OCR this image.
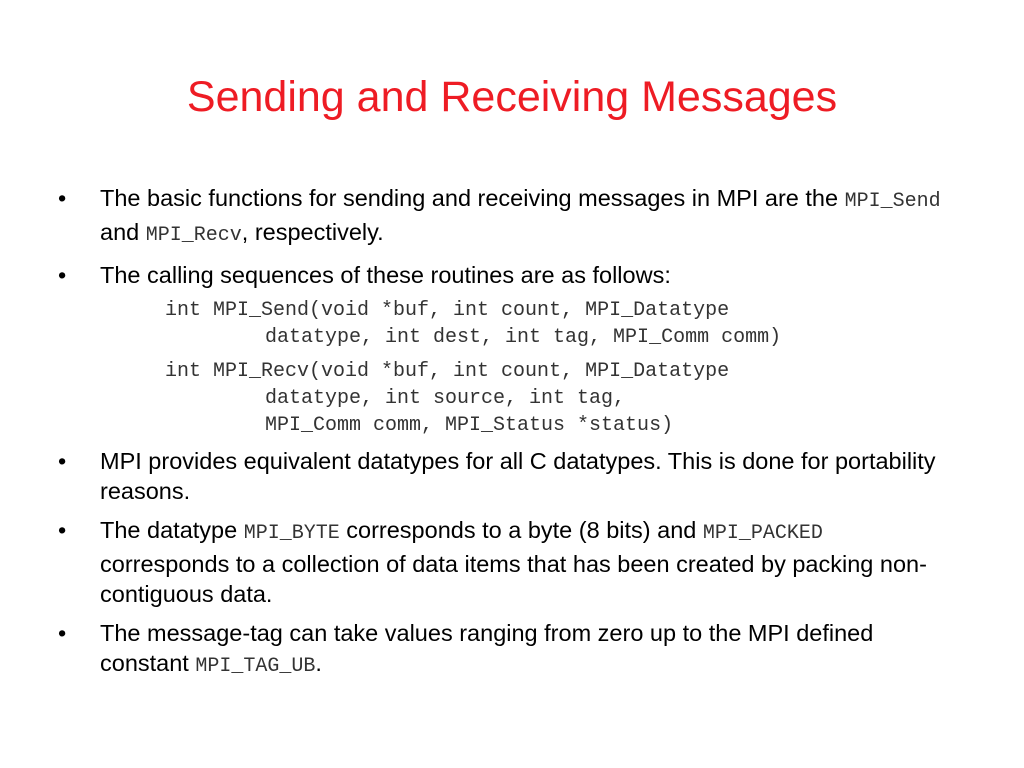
Sending and Receiving Messages
•	The basic functions for sending and receiving messages in MPI are the MPI_Send and MPI_Recv, respectively.
•	The calling sequences of these routines are as follows:
int MPI_Send(void *buf, int count, MPI_Datatype
datatype, int dest, int tag, MPI_Comm comm)
int MPI_Recv(void *buf, int count, MPI_Datatype
datatype, int source, int tag,
MPI_Comm comm, MPI_Status *status)
•	MPI provides equivalent datatypes for all C datatypes. This is done for portability reasons.
•	The datatype MPI_BYTE corresponds to a byte (8 bits) and MPI_PACKED corresponds to a collection of data items that has been created by packing non-contiguous data.
•	The message-tag can take values ranging from zero up to the MPI defined constant MPI_TAG_UB.
